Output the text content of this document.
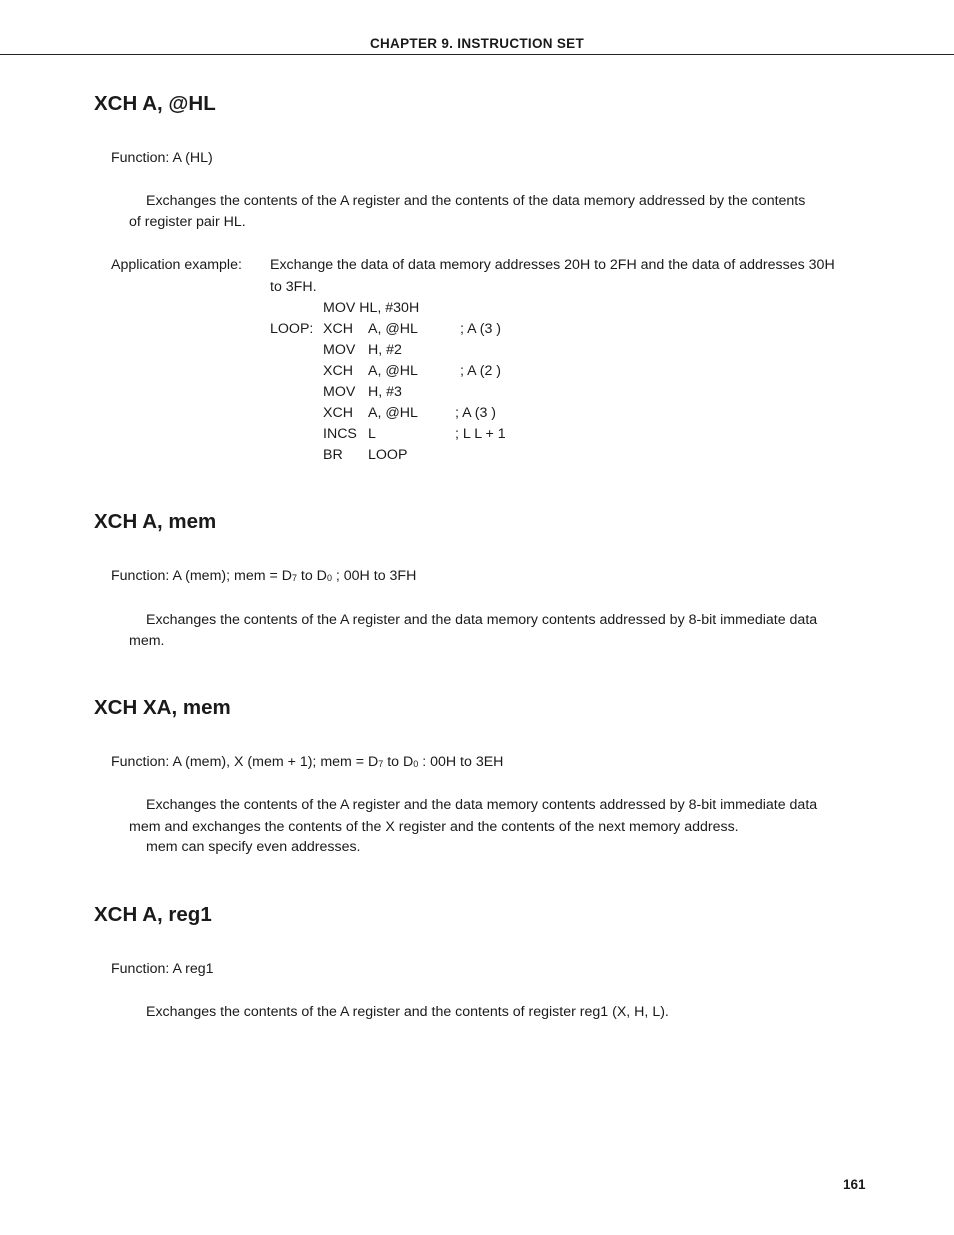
CHAPTER 9. INSTRUCTION SET
XCH A, @HL
Function: A (HL)
Exchanges the contents of the A register and the contents of the data memory addressed by the contents
of register pair HL.
Application example: Exchange the data of data memory addresses 20H to 2FH and the data of addresses 30H
to 3FH.
MOV HL, #30H
LOOP: XCH A, @HL	; A (3 )
MOV H, #2
XCH A, @HL	; A (2 )
MOV H, #3
XCH A, @HL	; A (3 )
INCS L	; L L + 1
BR LOOP
XCH A, mem
Function: A (mem); mem = $D_7$ to $D_0$ ; 00H to 3FH
Exchanges the contents of the A register and the data memory contents addressed by 8-bit immediate data
mem.
XCH XA, mem
Function: A (mem), X (mem + 1); mem = $D_7$ to $D_0$ : 00H to 3EH
Exchanges the contents of the A register and the data memory contents addressed by 8-bit immediate data
mem and exchanges the contents of the X register and the contents of the next memory address.
mem can specify even addresses.
XCH A, reg1
Function: A reg1
Exchanges the contents of the A register and the contents of register reg1 (X, H, L).
161
